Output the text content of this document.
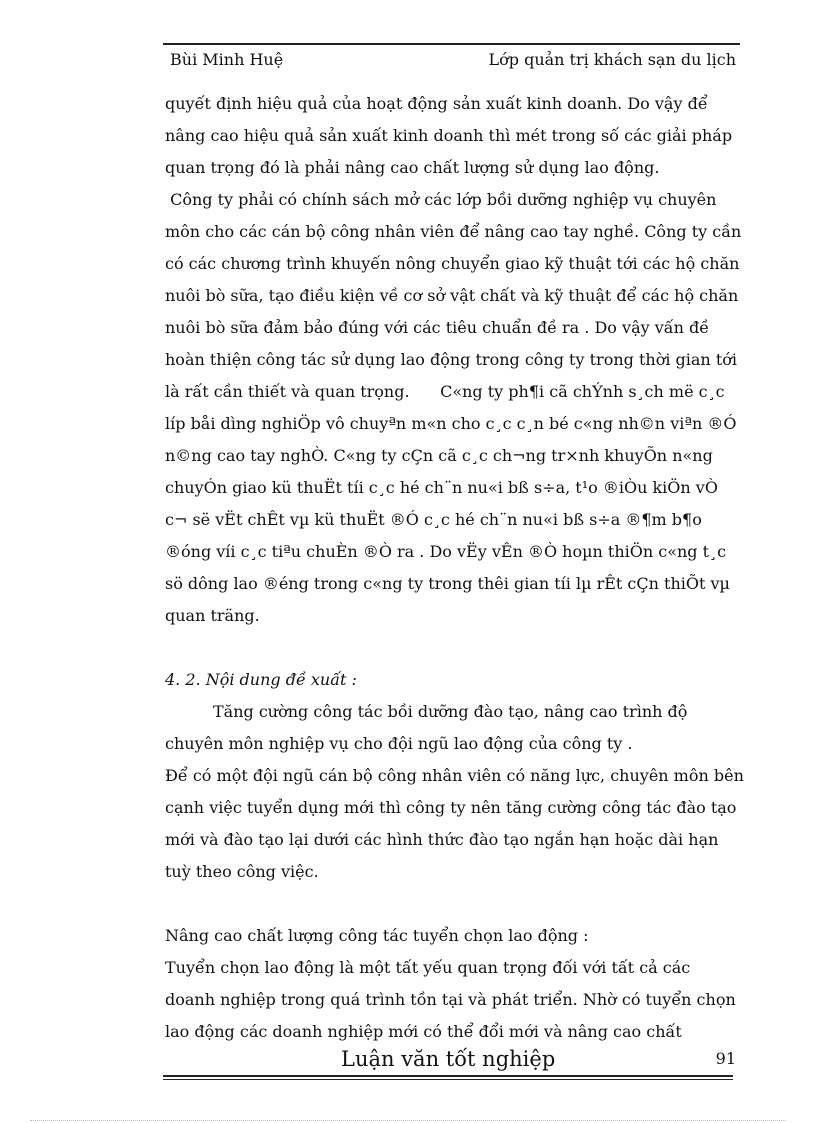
Bùi Minh Huệ	Lớp quản trị khách sạn du lịch

quyết định hiệu quả của hoạt động sản xuất kinh doanh. Do vậy để nâng cao hiệu quả sản xuất kinh doanh thì mét trong số các giải pháp quan trọng đó là phải nâng cao chất lượng sử dụng lao động.

Công ty phải có chính sách mở các lớp bồi dưỡng nghiệp vụ chuyên môn cho các cán bộ công nhân viên để nâng cao tay nghề. Công ty cần có các chương trình khuyến nông chuyển giao kỹ thuật tới các hộ chăn nuôi bò sữa, tạo điều kiện về cơ sở vật chất và kỹ thuật để các hộ chăn nuôi bò sữa đảm bảo đúng với các tiêu chuẩn đề ra . Do vậy vấn đề hoàn thiện công tác sử dụng lao động trong công ty trong thời gian tới là rất cần thiết và quan trọng.      C«ng ty ph¶i cã chÝnh s¸ch më c¸c líp båi dìng nghiÖp vô chuyªn m«n cho c¸c c¸n bé c«ng nh©n viªn ®Ó n©ng cao tay nghÒ. C«ng ty cÇn cã c¸c ch¬ng tr×nh khuyÕn n«ng chuyÓn giao kü thuËt tíi c¸c hé ch¨n nu«i bß s÷a, t¹o ®iÒu kiÖn vÒ c¬ së vËt chÊt vµ kü thuËt ®Ó c¸c hé ch¨n nu«i bß s÷a ®¶m b¶o ®óng víi c¸c tiªu chuÈn ®Ò ra . Do vËy vÊn ®Ò hoµn thiÖn c«ng t¸c sö dông lao ®éng trong c«ng ty trong thêi gian tíi lµ rÊt cÇn thiÕt vµ quan träng.

4. 2. Nội dung đề xuất :

Tăng cường công tác bồi dưỡng đào tạo, nâng cao trình độ chuyên môn nghiệp vụ cho đội ngũ lao động của công ty .

Để có một đội ngũ cán bộ công nhân viên có năng lực, chuyên môn bên cạnh việc tuyển dụng mới thì công ty nên tăng cường công tác đào tạo mới và đào tạo lại dưới các hình thức đào tạo ngắn hạn hoặc dài hạn tuỳ theo công việc.

Nâng cao chất lượng công tác tuyển chọn lao động :

Tuyển chọn lao động là một tất yếu quan trọng đối với tất cả các doanh nghiệp trong quá trình tồn tại và phát triển. Nhờ có tuyển chọn lao động các doanh nghiệp mới có thể đổi mới và nâng cao chất

Luận văn tốt nghiệp	91
